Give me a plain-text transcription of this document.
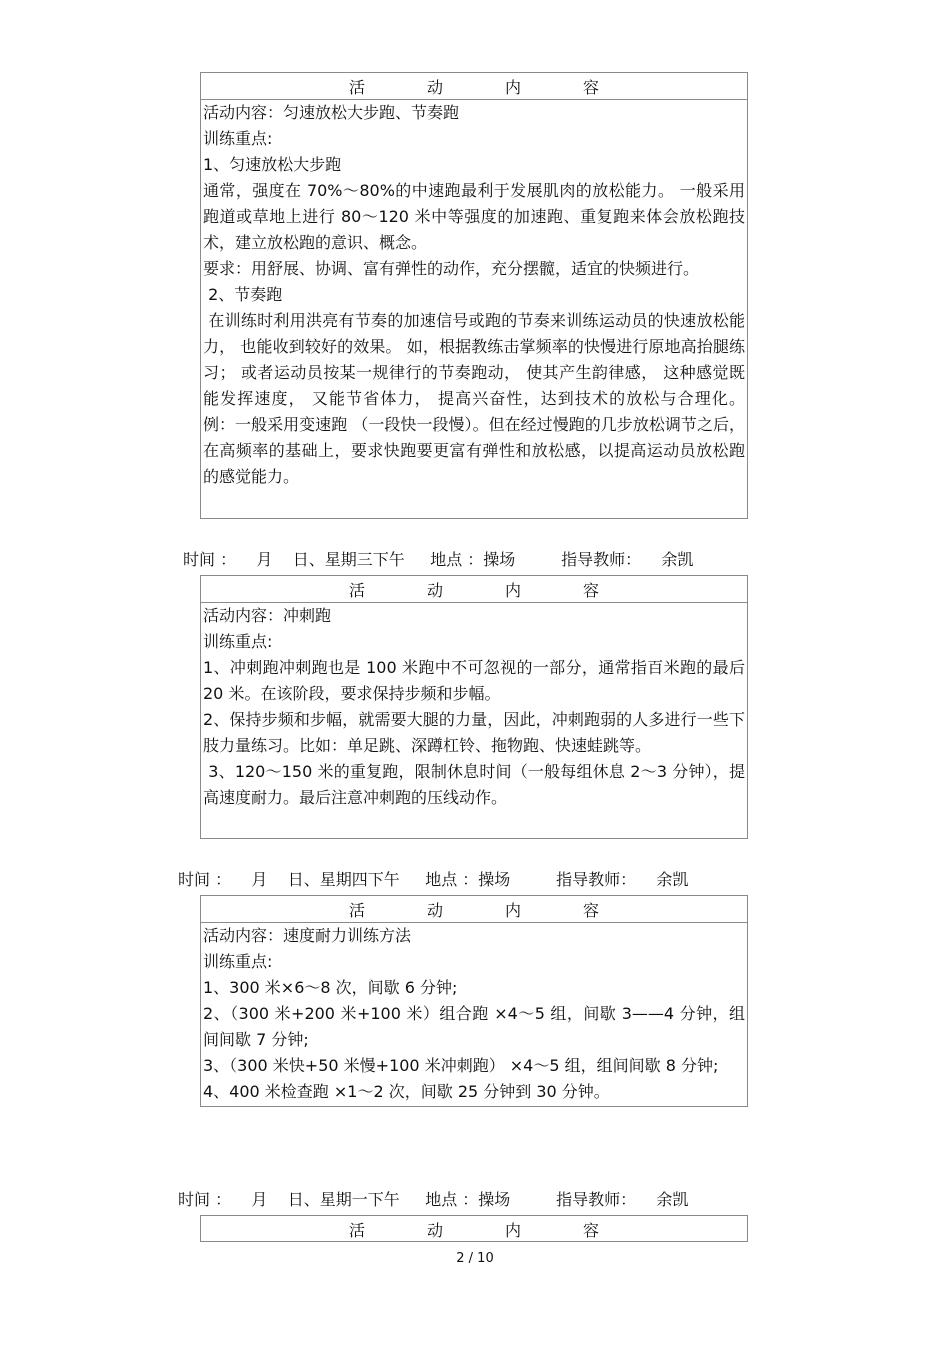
活	动	内	容

活动内容：匀速放松大步跑、节奏跑

训练重点:

1、匀速放松大步跑

通常，强度在 70%～80%的中速跑最利于发展肌肉的放松能力。 一般采用跑道或草地上进行 80～120 米中等强度的加速跑、重复跑来体会放松跑技术，建立放松跑的意识、概念。

要求：用舒展、协调、富有弹性的动作，充分摆髋，适宜的快频进行。

2、节奏跑

在训练时利用洪亮有节奏的加速信号或跑的节奏来训练运动员的快速放松能力， 也能收到较好的效果。 如，根据教练击掌频率的快慢进行原地高抬腿练习； 或者运动员按某一规律行的节奏跑动， 使其产生韵律感， 这种感觉既能发挥速度， 又能节省体力， 提高兴奋性，达到技术的放松与合理化。 例：一般采用变速跑 （一段快一段慢）。但在经过慢跑的几步放松调节之后，在高频率的基础上，要求快跑要更富有弹性和放松感，以提高运动员放松跑的感觉能力。

时间 ：    月    日、星期三下午     地点 ：操场         指导教师：    余凯
活	动	内	容

活动内容：冲刺跑

训练重点:

1、冲刺跑冲刺跑也是 100 米跑中不可忽视的一部分，通常指百米跑的最后 20 米。在该阶段，要求保持步频和步幅。

2、保持步频和步幅，就需要大腿的力量，因此，冲刺跑弱的人多进行一些下肢力量练习。比如：单足跳、深蹲杠铃、拖物跑、快速蛙跳等。

3、120～150 米的重复跑，限制休息时间（一般每组休息 2～3 分钟），提高速度耐力。最后注意冲刺跑的压线动作。

时间 ：    月    日、星期四下午     地点 ：操场         指导教师：    余凯
活	动	内	容

活动内容：速度耐力训练方法

训练重点:

1、300 米×6～8 次，间歇 6 分钟;

2、（300 米+200 米+100 米）组合跑 ×4～5 组，间歇 3——4 分钟，组间间歇 7 分钟;

3、（300 米快+50 米慢+100 米冲刺跑） ×4～5 组，组间间歇 8 分钟;

4、400 米检查跑 ×1～2 次，间歇 25 分钟到 30 分钟。

时间 ：    月    日、星期一下午     地点 ：操场         指导教师：    余凯
活	动	内	容
2 / 10
